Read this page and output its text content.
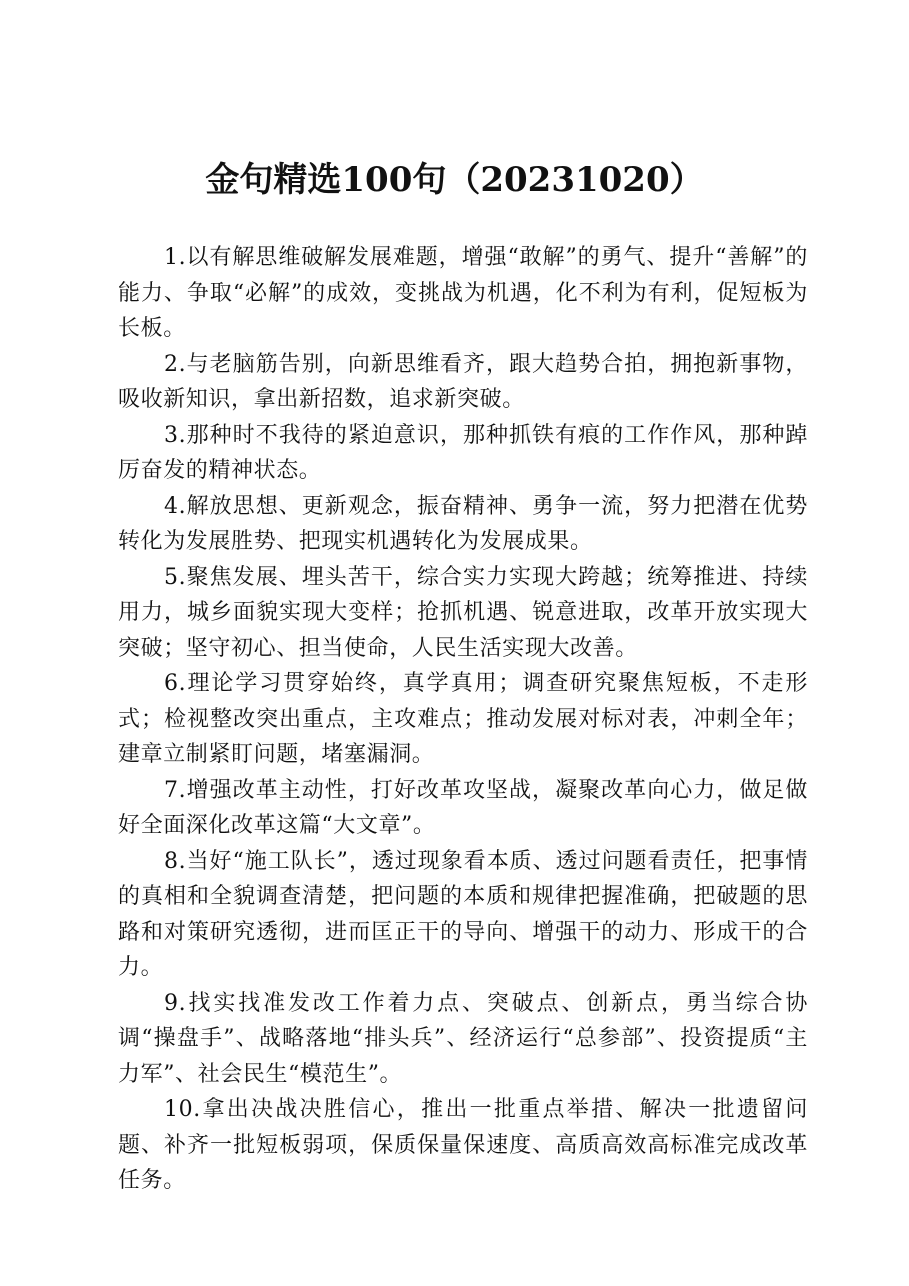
金句精选100句（20231020）

1.以有解思维破解发展难题，增强“敢解”的勇气、提升“善解”的能力、争取“必解”的成效，变挑战为机遇，化不利为有利，促短板为长板。

2.与老脑筋告别，向新思维看齐，跟大趋势合拍，拥抱新事物，吸收新知识，拿出新招数，追求新突破。

3.那种时不我待的紧迫意识，那种抓铁有痕的工作作风，那种踔厉奋发的精神状态。

4.解放思想、更新观念，振奋精神、勇争一流，努力把潜在优势转化为发展胜势、把现实机遇转化为发展成果。

5.聚焦发展、埋头苦干，综合实力实现大跨越；统筹推进、持续用力，城乡面貌实现大变样；抢抓机遇、锐意进取，改革开放实现大突破；坚守初心、担当使命，人民生活实现大改善。

6.理论学习贯穿始终，真学真用；调查研究聚焦短板，不走形式；检视整改突出重点，主攻难点；推动发展对标对表，冲刺全年；建章立制紧盯问题，堵塞漏洞。

7.增强改革主动性，打好改革攻坚战，凝聚改革向心力，做足做好全面深化改革这篇“大文章”。

8.当好“施工队长”，透过现象看本质、透过问题看责任，把事情的真相和全貌调查清楚，把问题的本质和规律把握准确，把破题的思路和对策研究透彻，进而匡正干的导向、增强干的动力、形成干的合力。

9.找实找准发改工作着力点、突破点、创新点，勇当综合协调“操盘手”、战略落地“排头兵”、经济运行“总参部”、投资提质“主力军”、社会民生“模范生”。

10.拿出决战决胜信心，推出一批重点举措、解决一批遗留问题、补齐一批短板弱项，保质保量保速度、高质高效高标准完成改革任务。
